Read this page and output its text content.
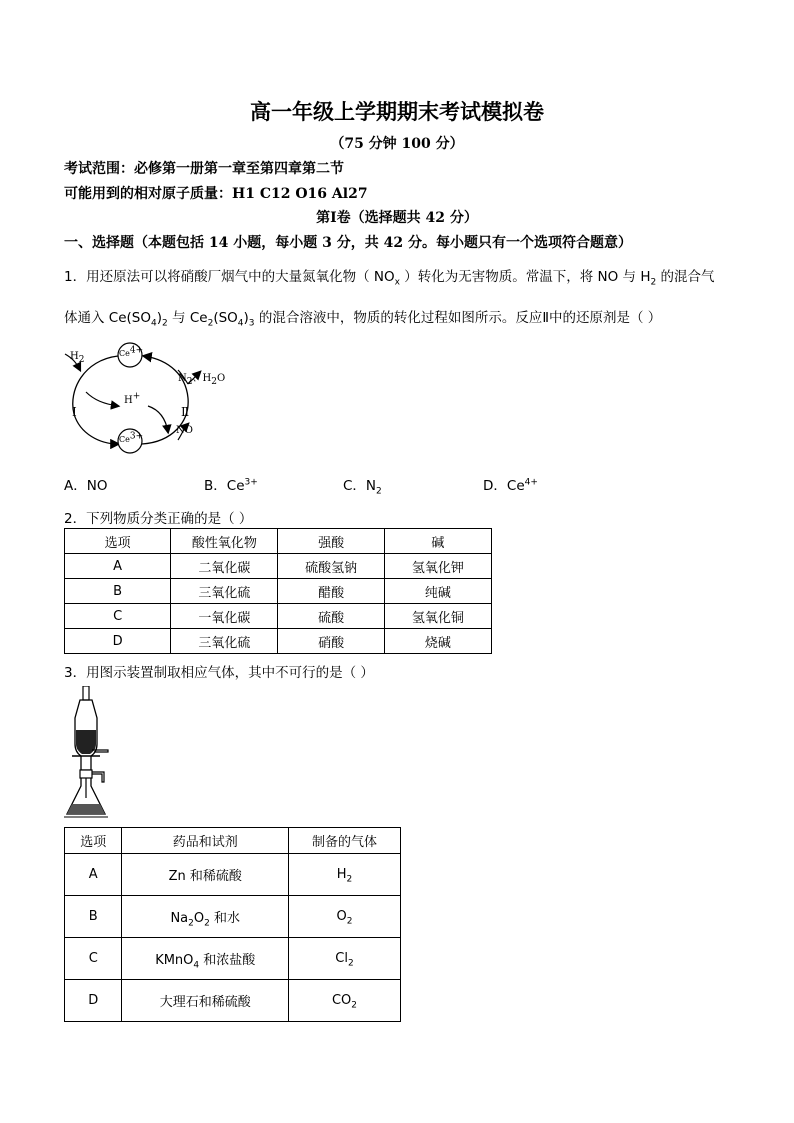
高一年级上学期期末考试模拟卷
（75 分钟 100 分）
考试范围：必修第一册第一章至第四章第二节
可能用到的相对原子质量：H1 C12 O16 Al27
第Ⅰ卷（选择题共 42 分）
一、选择题（本题包括 14 小题，每小题 3 分，共 42 分。每小题只有一个选项符合题意）
1．用还原法可以将硝酸厂烟气中的大量氮氧化物（ $NO_x$ ）转化为无害物质。常温下，将 NO 与 $H_2$ 的混合气
体通入 $Ce(SO_4)_2$ 与 $Ce_2(SO_4)_3$ 的混合溶液中，物质的转化过程如图所示。反应Ⅱ中的还原剂是（ ）
$H_2$
$Ce^{4+}$
$Ce^{3+}$
H+
$N_2$、$H_2O$
Ⅰ	Ⅱ
NO
A．NO	B．$Ce^{3+}$	C．$N_2$	D．$Ce^{4+}$
2．下列物质分类正确的是（ ）
选项	酸性氧化物	强酸	碱
A	二氧化碳	硫酸氢钠	氢氧化钾
B	三氧化硫	醋酸	纯碱
C	一氧化碳	硫酸	氢氧化铜
D	三氧化硫	硝酸	烧碱
3．用图示装置制取相应气体，其中不可行的是（ ）
选项	药品和试剂	制备的气体
A	Zn 和稀硫酸	$H_2$
B	$Na_2O_2$ 和水	$O_2$
C	KMnO$_4$ 和浓盐酸	$Cl_2$
D	大理石和稀硫酸	$CO_2$
